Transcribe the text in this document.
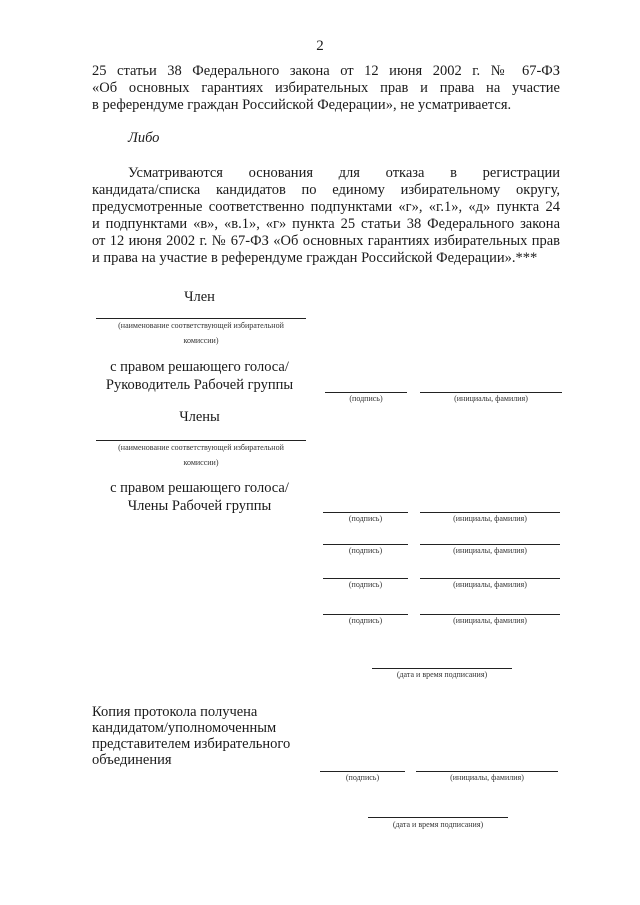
2
25 статьи 38 Федерального закона от 12 июня 2002 г. № 67-ФЗ
«Об основных гарантиях избирательных прав и права на участие
в референдуме граждан Российской Федерации», не усматривается.
Либо
Усматриваются основания для отказа в регистрации
кандидата/списка кандидатов по единому избирательному округу,
предусмотренные соответственно подпунктами «г», «г.1», «д» пункта 24
и подпунктами «в», «в.1», «г» пункта 25 статьи 38 Федерального закона
от 12 июня 2002 г. № 67-ФЗ «Об основных гарантиях избирательных прав
и права на участие в референдуме граждан Российской Федерации».***
Член
(наименование соответствующей избирательной
комиссии)
с правом решающего голоса/
Руководитель Рабочей группы
(подпись)	(инициалы, фамилия)
Члены
(наименование соответствующей избирательной
комиссии)
с правом решающего голоса/
Члены Рабочей группы
(подпись)	(инициалы, фамилия)
(подпись)	(инициалы, фамилия)
(подпись)	(инициалы, фамилия)
(подпись)	(инициалы, фамилия)
(дата и время подписания)
Копия протокола получена
кандидатом/уполномоченным
представителем избирательного
объединения
(подпись)	(инициалы, фамилия)
(дата и время подписания)
